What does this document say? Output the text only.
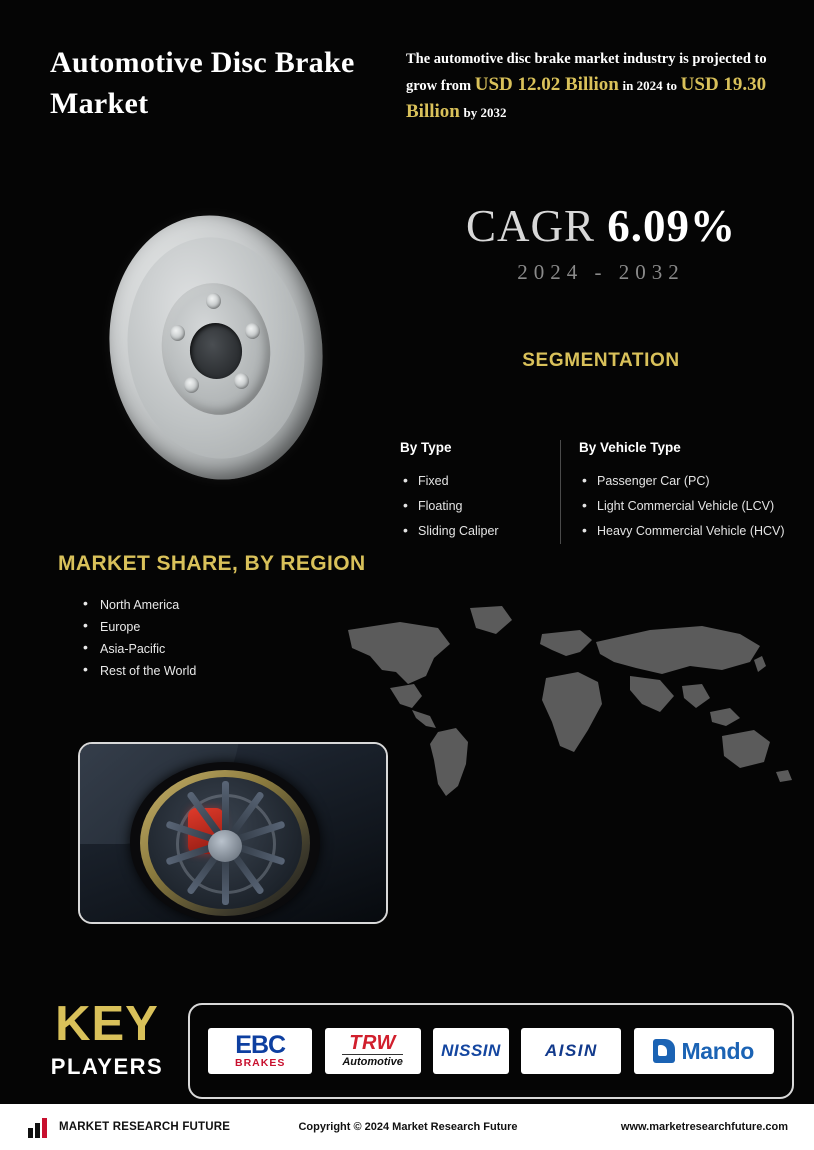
Automotive Disc Brake Market
The automotive disc brake market industry is projected to grow from USD 12.02 Billion in 2024 to USD 19.30 Billion by 2032
CAGR 6.09%
2024 - 2032
SEGMENTATION
By Type
• Fixed
• Floating
• Sliding Caliper
By Vehicle Type
• Passenger Car (PC)
• Light Commercial Vehicle (LCV)
• Heavy Commercial Vehicle (HCV)
MARKET SHARE, BY REGION
• North America
• Europe
• Asia-Pacific
• Rest of the World
KEY
PLAYERS
EBC
BRAKES
TRW
Automotive
NISSIN	AISIN	Mando
MARKET RESEARCH FUTURE	Copyright © 2024 Market Research Future	www.marketresearchfuture.com
